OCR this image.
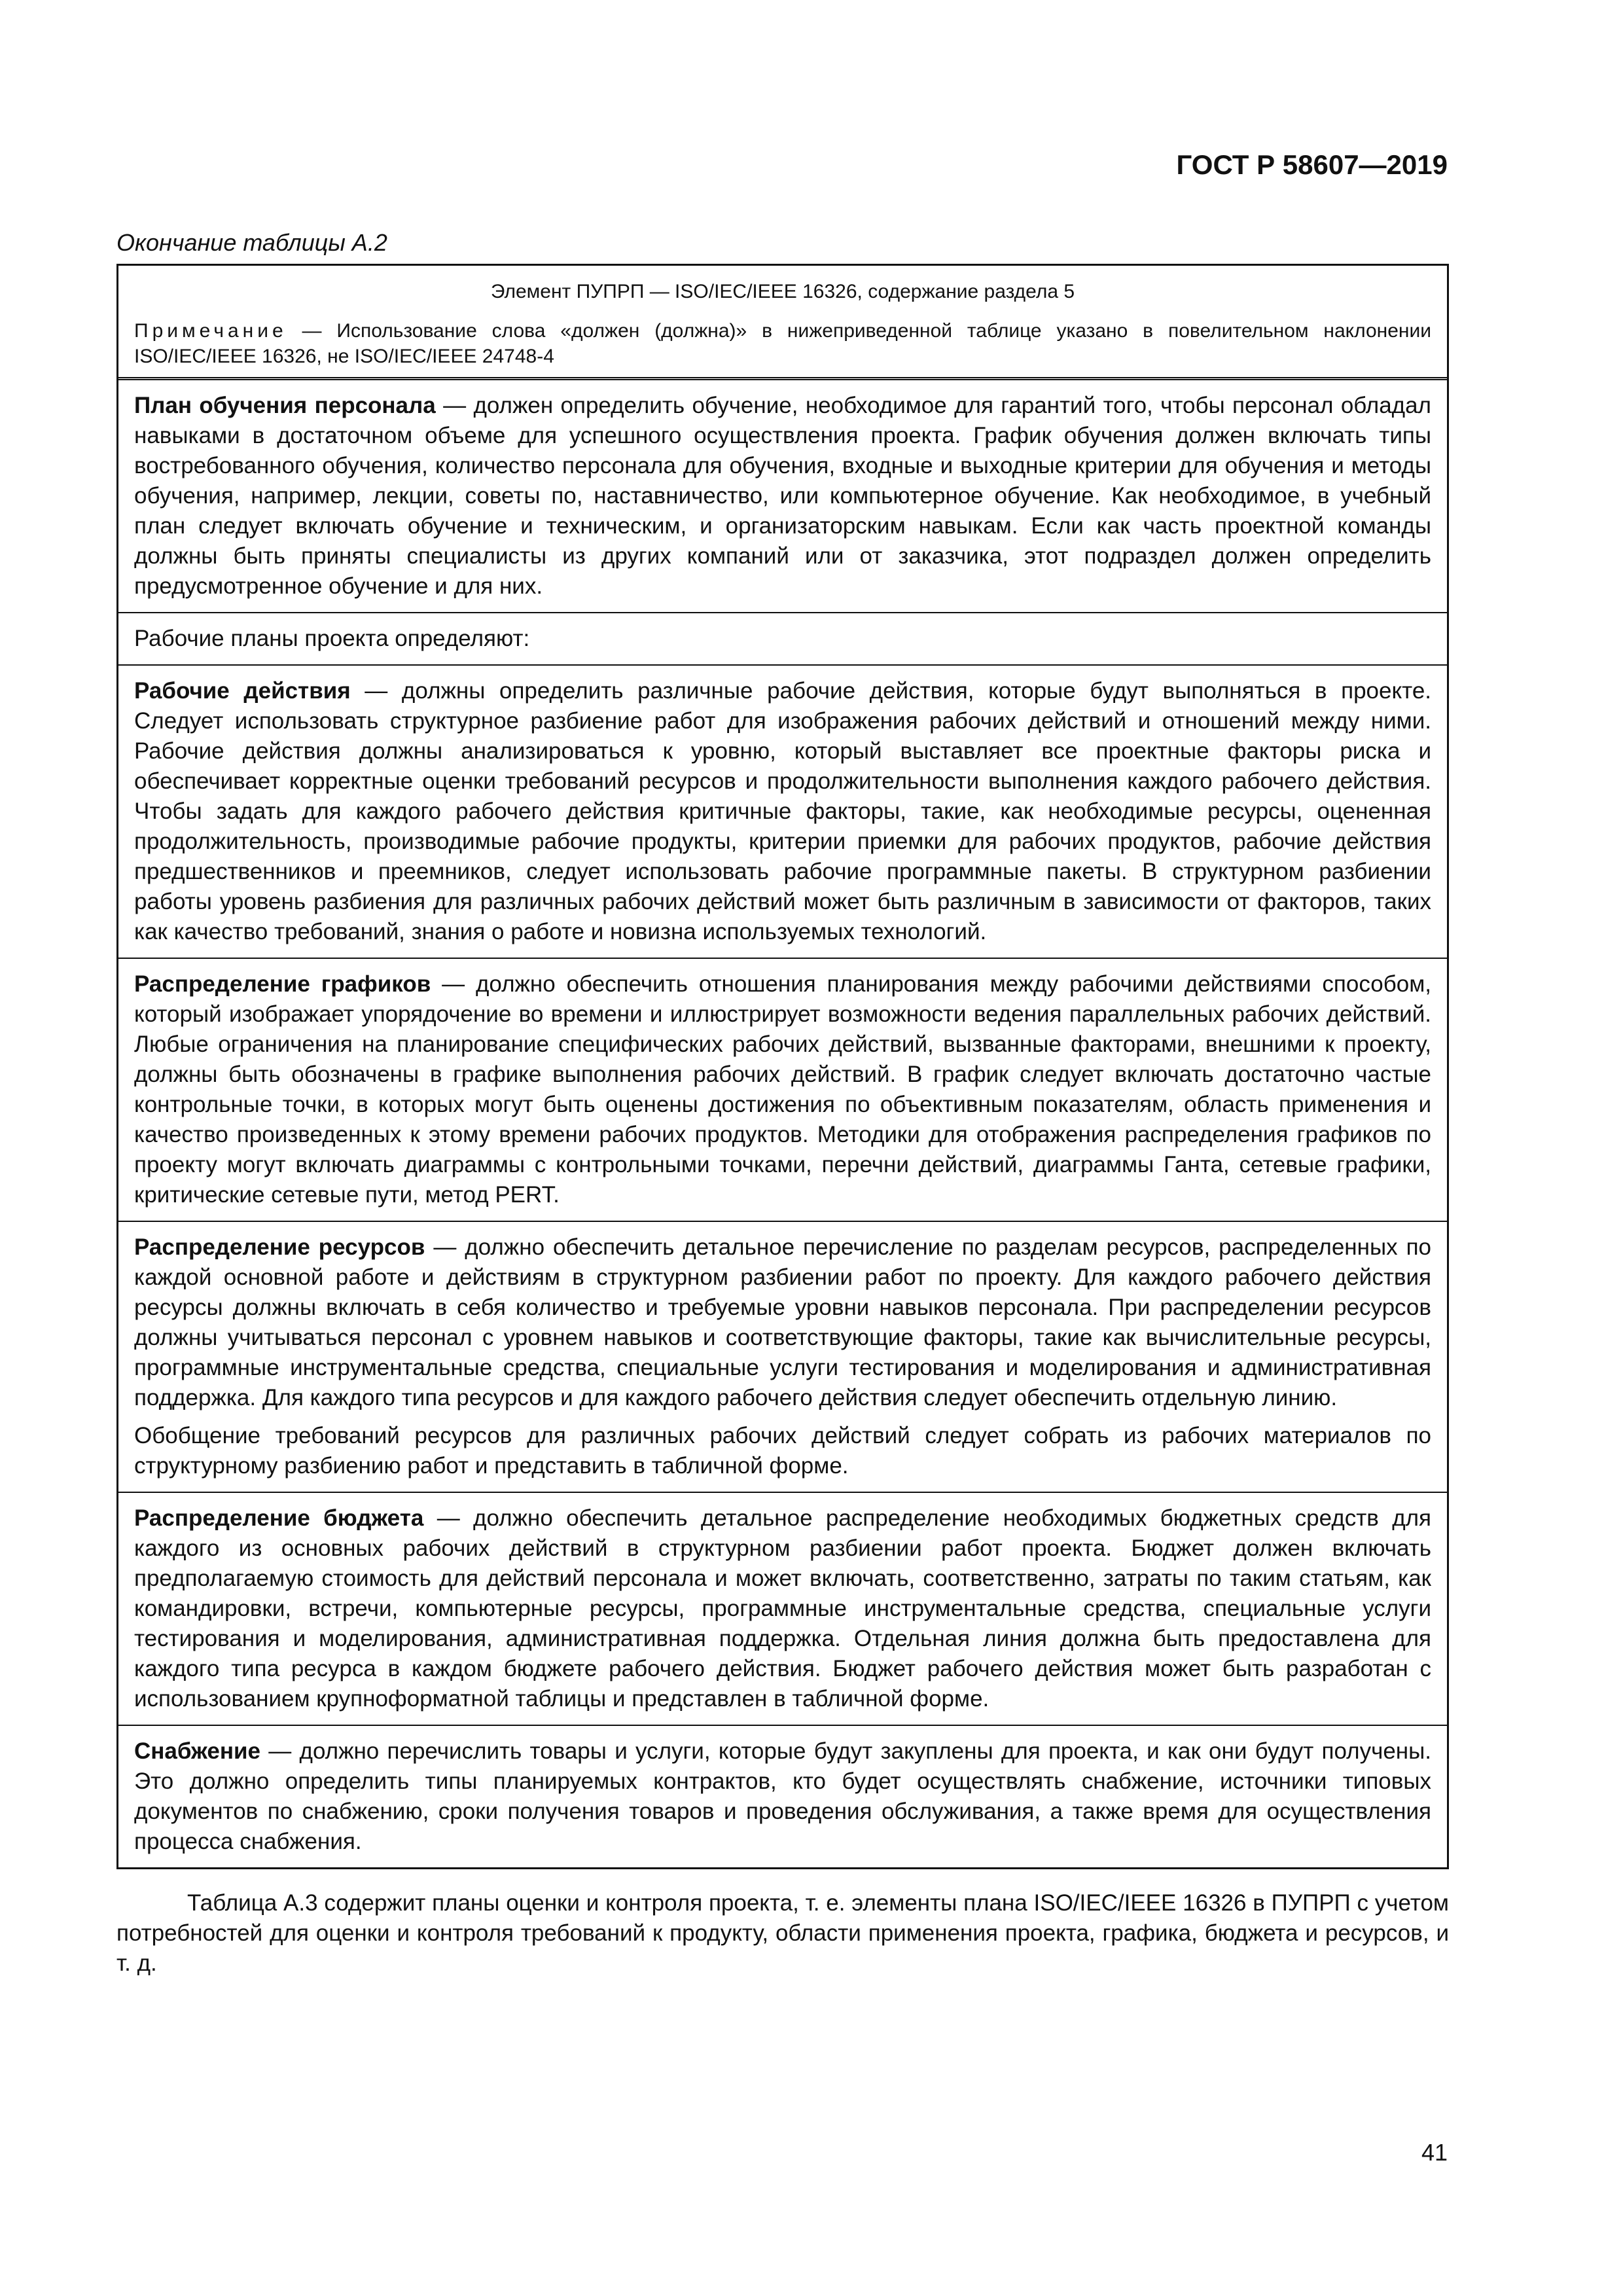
ГОСТ Р 58607—2019
Окончание таблицы А.2
Элемент ПУПРП — ISO/IEC/IEEE 16326, содержание раздела 5
Примечание — Использование слова «должен (должна)» в нижеприведенной таблице указано в повелительном наклонении ISO/IEC/IEEE 16326, не ISO/IEC/IEEE 24748-4

План обучения персонала — должен определить обучение, необходимое для гарантий того, чтобы персонал обладал навыками в достаточном объеме для успешного осуществления проекта. График обучения должен включать типы востребованного обучения, количество персонала для обучения, входные и выходные критерии для обучения и методы обучения, например, лекции, советы по, наставничество, или компьютерное обучение. Как необходимое, в учебный план следует включать обучение и техническим, и организаторским навыкам. Если как часть проектной команды должны быть приняты специалисты из других компаний или от заказчика, этот подраздел должен определить предусмотренное обучение и для них.

Рабочие планы проекта определяют:

Рабочие действия — должны определить различные рабочие действия, которые будут выполняться в проекте. Следует использовать структурное разбиение работ для изображения рабочих действий и отношений между ними. Рабочие действия должны анализироваться к уровню, который выставляет все проектные факторы риска и обеспечивает корректные оценки требований ресурсов и продолжительности выполнения каждого рабочего действия. Чтобы задать для каждого рабочего действия критичные факторы, такие, как необходимые ресурсы, оцененная продолжительность, производимые рабочие продукты, критерии приемки для рабочих продуктов, рабочие действия предшественников и преемников, следует использовать рабочие программные пакеты. В структурном разбиении работы уровень разбиения для различных рабочих действий может быть различным в зависимости от факторов, таких как качество требований, знания о работе и новизна используемых технологий.

Распределение графиков — должно обеспечить отношения планирования между рабочими действиями способом, который изображает упорядочение во времени и иллюстрирует возможности ведения параллельных рабочих действий. Любые ограничения на планирование специфических рабочих действий, вызванные факторами, внешними к проекту, должны быть обозначены в графике выполнения рабочих действий. В график следует включать достаточно частые контрольные точки, в которых могут быть оценены достижения по объективным показателям, область применения и качество произведенных к этому времени рабочих продуктов. Методики для отображения распределения графиков по проекту могут включать диаграммы с контрольными точками, перечни действий, диаграммы Ганта, сетевые графики, критические сетевые пути, метод PERT.

Распределение ресурсов — должно обеспечить детальное перечисление по разделам ресурсов, распределенных по каждой основной работе и действиям в структурном разбиении работ по проекту. Для каждого рабочего действия ресурсы должны включать в себя количество и требуемые уровни навыков персонала. При распределении ресурсов должны учитываться персонал с уровнем навыков и соответствующие факторы, такие как вычислительные ресурсы, программные инструментальные средства, специальные услуги тестирования и моделирования и административная поддержка. Для каждого типа ресурсов и для каждого рабочего действия следует обеспечить отдельную линию.

Обобщение требований ресурсов для различных рабочих действий следует собрать из рабочих материалов по структурному разбиению работ и представить в табличной форме.

Распределение бюджета — должно обеспечить детальное распределение необходимых бюджетных средств для каждого из основных рабочих действий в структурном разбиении работ проекта. Бюджет должен включать предполагаемую стоимость для действий персонала и может включать, соответственно, затраты по таким статьям, как командировки, встречи, компьютерные ресурсы, программные инструментальные средства, специальные услуги тестирования и моделирования, административная поддержка. Отдельная линия должна быть предоставлена для каждого типа ресурса в каждом бюджете рабочего действия. Бюджет рабочего действия может быть разработан с использованием крупноформатной таблицы и представлен в табличной форме.

Снабжение — должно перечислить товары и услуги, которые будут закуплены для проекта, и как они будут получены. Это должно определить типы планируемых контрактов, кто будет осуществлять снабжение, источники типовых документов по снабжению, сроки получения товаров и проведения обслуживания, а также время для осуществления процесса снабжения.

Таблица А.3 содержит планы оценки и контроля проекта, т. е. элементы плана ISO/IEC/IEEE 16326 в ПУПРП с учетом потребностей для оценки и контроля требований к продукту, области применения проекта, графика, бюджета и ресурсов, и т. д.
41
